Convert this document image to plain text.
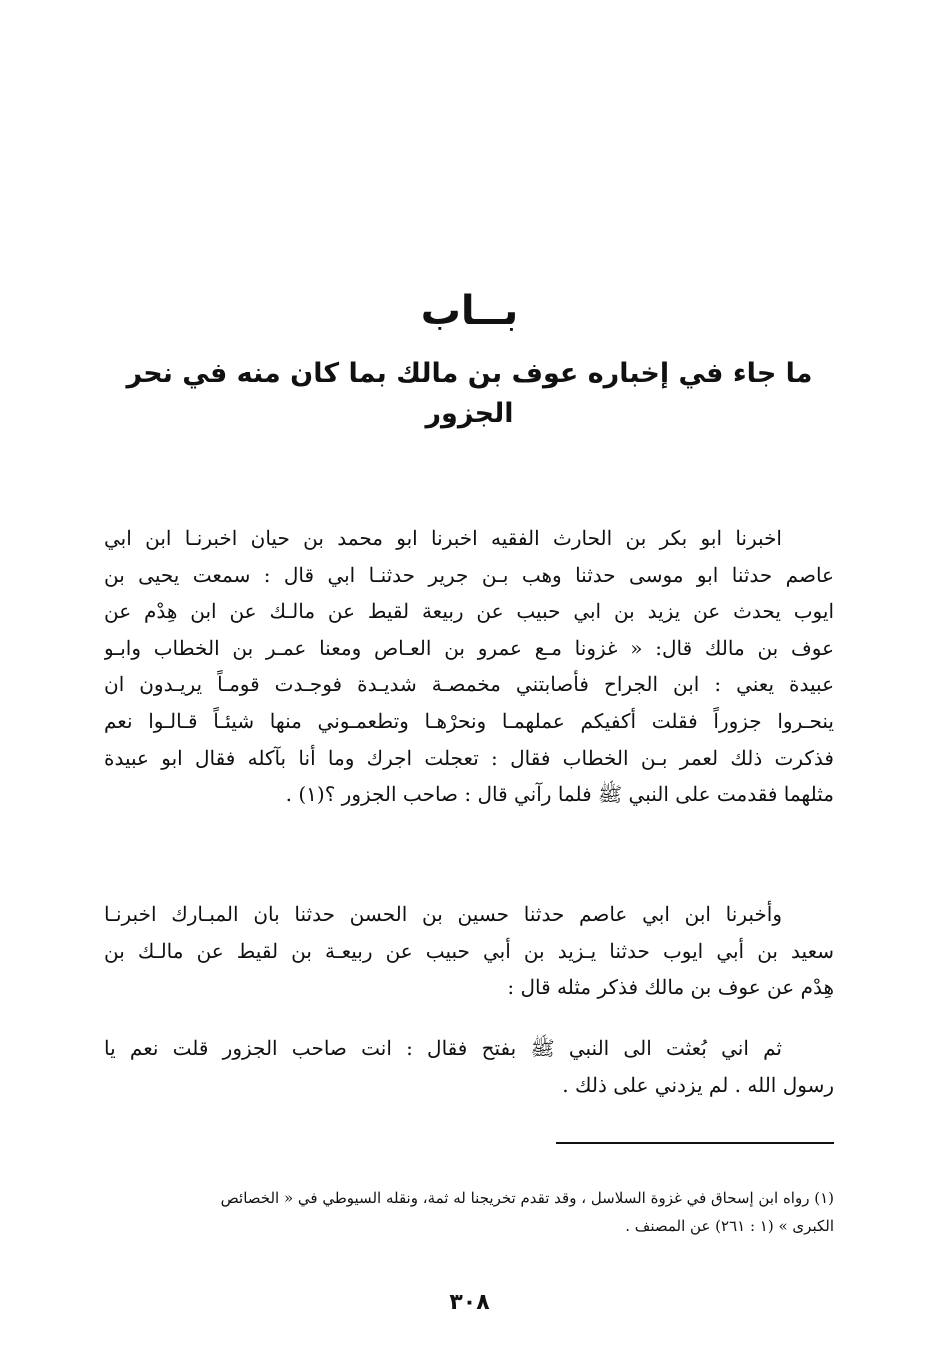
بــاب
ما جاء في إخباره عوف بن مالك بما كان منه في نحر الجزور
اخبرنا ابو بكر بن الحارث الفقيه اخبرنا ابو محمد بن حيان اخبرنـا ابن ابي
عاصم حدثنا ابو موسى حدثنا وهب بـن جرير حدثنـا ابي قال : سمعت يحيى بن
ايوب يحدث عن يزيد بن ابي حبيب عن ربيعة لقيط عن مالـك عن ابن هِدْم عن
عوف بن مالك قال: « غزونا مـع عمرو بن العـاص ومعنا عمـر بن الخطاب وابـو
عبيدة يعني : ابن الجراح فأصابتني مخمصـة شديـدة فوجـدت قومـاً يريـدون ان
ينحـروا جزوراً فقلت أكفيكم عملهمـا ونحرْهـا وتطعمـوني منها شيئـاً قـالـوا نعم
فذكرت ذلك لعمر بـن الخطاب فقال : تعجلت اجرك وما أنا بآكله فقال ابو عبيدة
مثلهما فقدمت على النبي ﷺ فلما رآني قال : صاحب الجزور ؟(١) .
وأخبرنا ابن ابي عاصم حدثنا حسين بن الحسن حدثنا بان المبـارك اخبرنـا
سعيد بن أبي ايوب حدثنا يـزيد بن أبي حبيب عن ربيعـة بن لقيط عن مالـك بن
هِدْم عن عوف بن مالك فذكر مثله قال :
ثم اني بُعثت الى النبي ﷺ بفتح فقال : انت صاحب الجزور قلت نعم يا
رسول الله . لم يزدني على ذلك .
(١) رواه ابن إسحاق في غزوة السلاسل ، وقد تقدم تخريجنا له ثمة، ونقله السيوطي في « الخصائص
الكبرى » (١ : ٢٦١) عن المصنف .
٣٠٨
